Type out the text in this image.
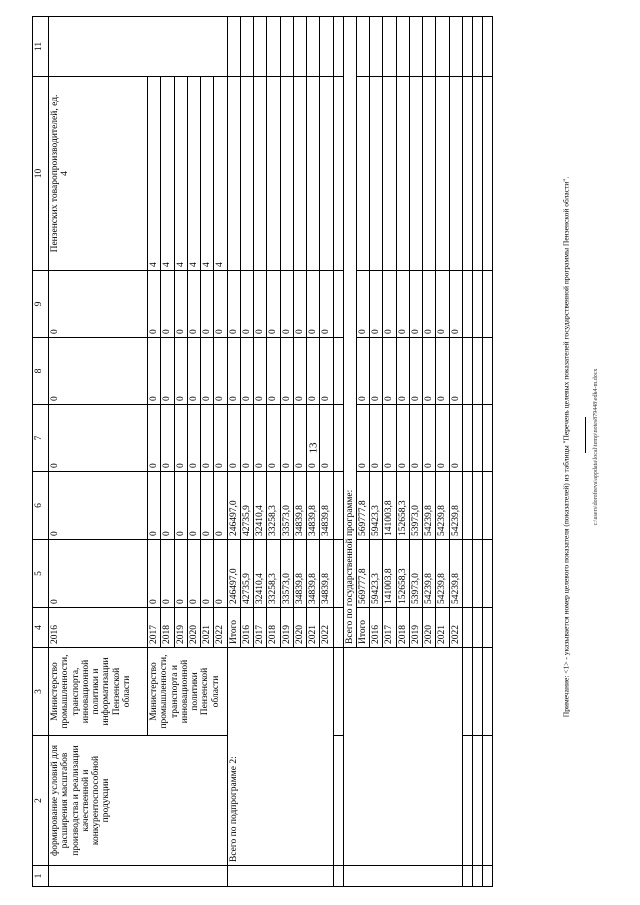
13
1	2	3	4	5	6	7	8	9	10	11
	формирование условий для расширения масштабов производства и реализации качественной и конкурентоспособной продукции	Министерство промышленности, транспорта, инновационной политики и информатизации Пензенской области	2016	0	0	0	0	0	Пензенских товаропроизводителей, ед. 4	

		Министерство промышленности, транспорта и инновационной политики Пензенской области	2017	0	0	0	0	0	4	
			2018	0	0	0	0	0	4	
			2019	0	0	0	0	0	4	
			2020	0	0	0	0	0	4	
			2021	0	0	0	0	0	4	
			2022	0	0	0	0	0	4	
	Всего по подпрограмме 2:		Итого	246497,0	246497,0	0	0	0		
			2016	42735,9	42735,9	0	0	0		
			2017	32410,4	32410,4	0	0	0		
			2018	33258,3	33258,3	0	0	0		
			2019	33573,0	33573,0	0	0	0		
			2020	34839,8	34839,8	0	0	0		
			2021	34839,8	34839,8	0	0	0		
			2022	34839,8	34839,8	0	0	0		

			Всего по государственной программе:							
			Итого	569777,8	569777,8	0	0	0		
			2016	59423,3	59423,3	0	0	0		
			2017	141003,8	141003,8	0	0	0		
			2018	152658,3	152658,3	0	0	0		
			2019	53973,0	53973,0	0	0	0		
			2020	54239,8	54239,8	0	0	0		
			2021	54239,8	54239,8	0	0	0		
			2022	54239,8	54239,8	0	0	0		

											Примечание: <1> - указывается номер целевого показателя (показателей) из таблицы "Перечень целевых показателей государственной программы Пензенской области".	c:\users\dorofeeva\appdata\local\temp\notes879448\edk4-m.docx
